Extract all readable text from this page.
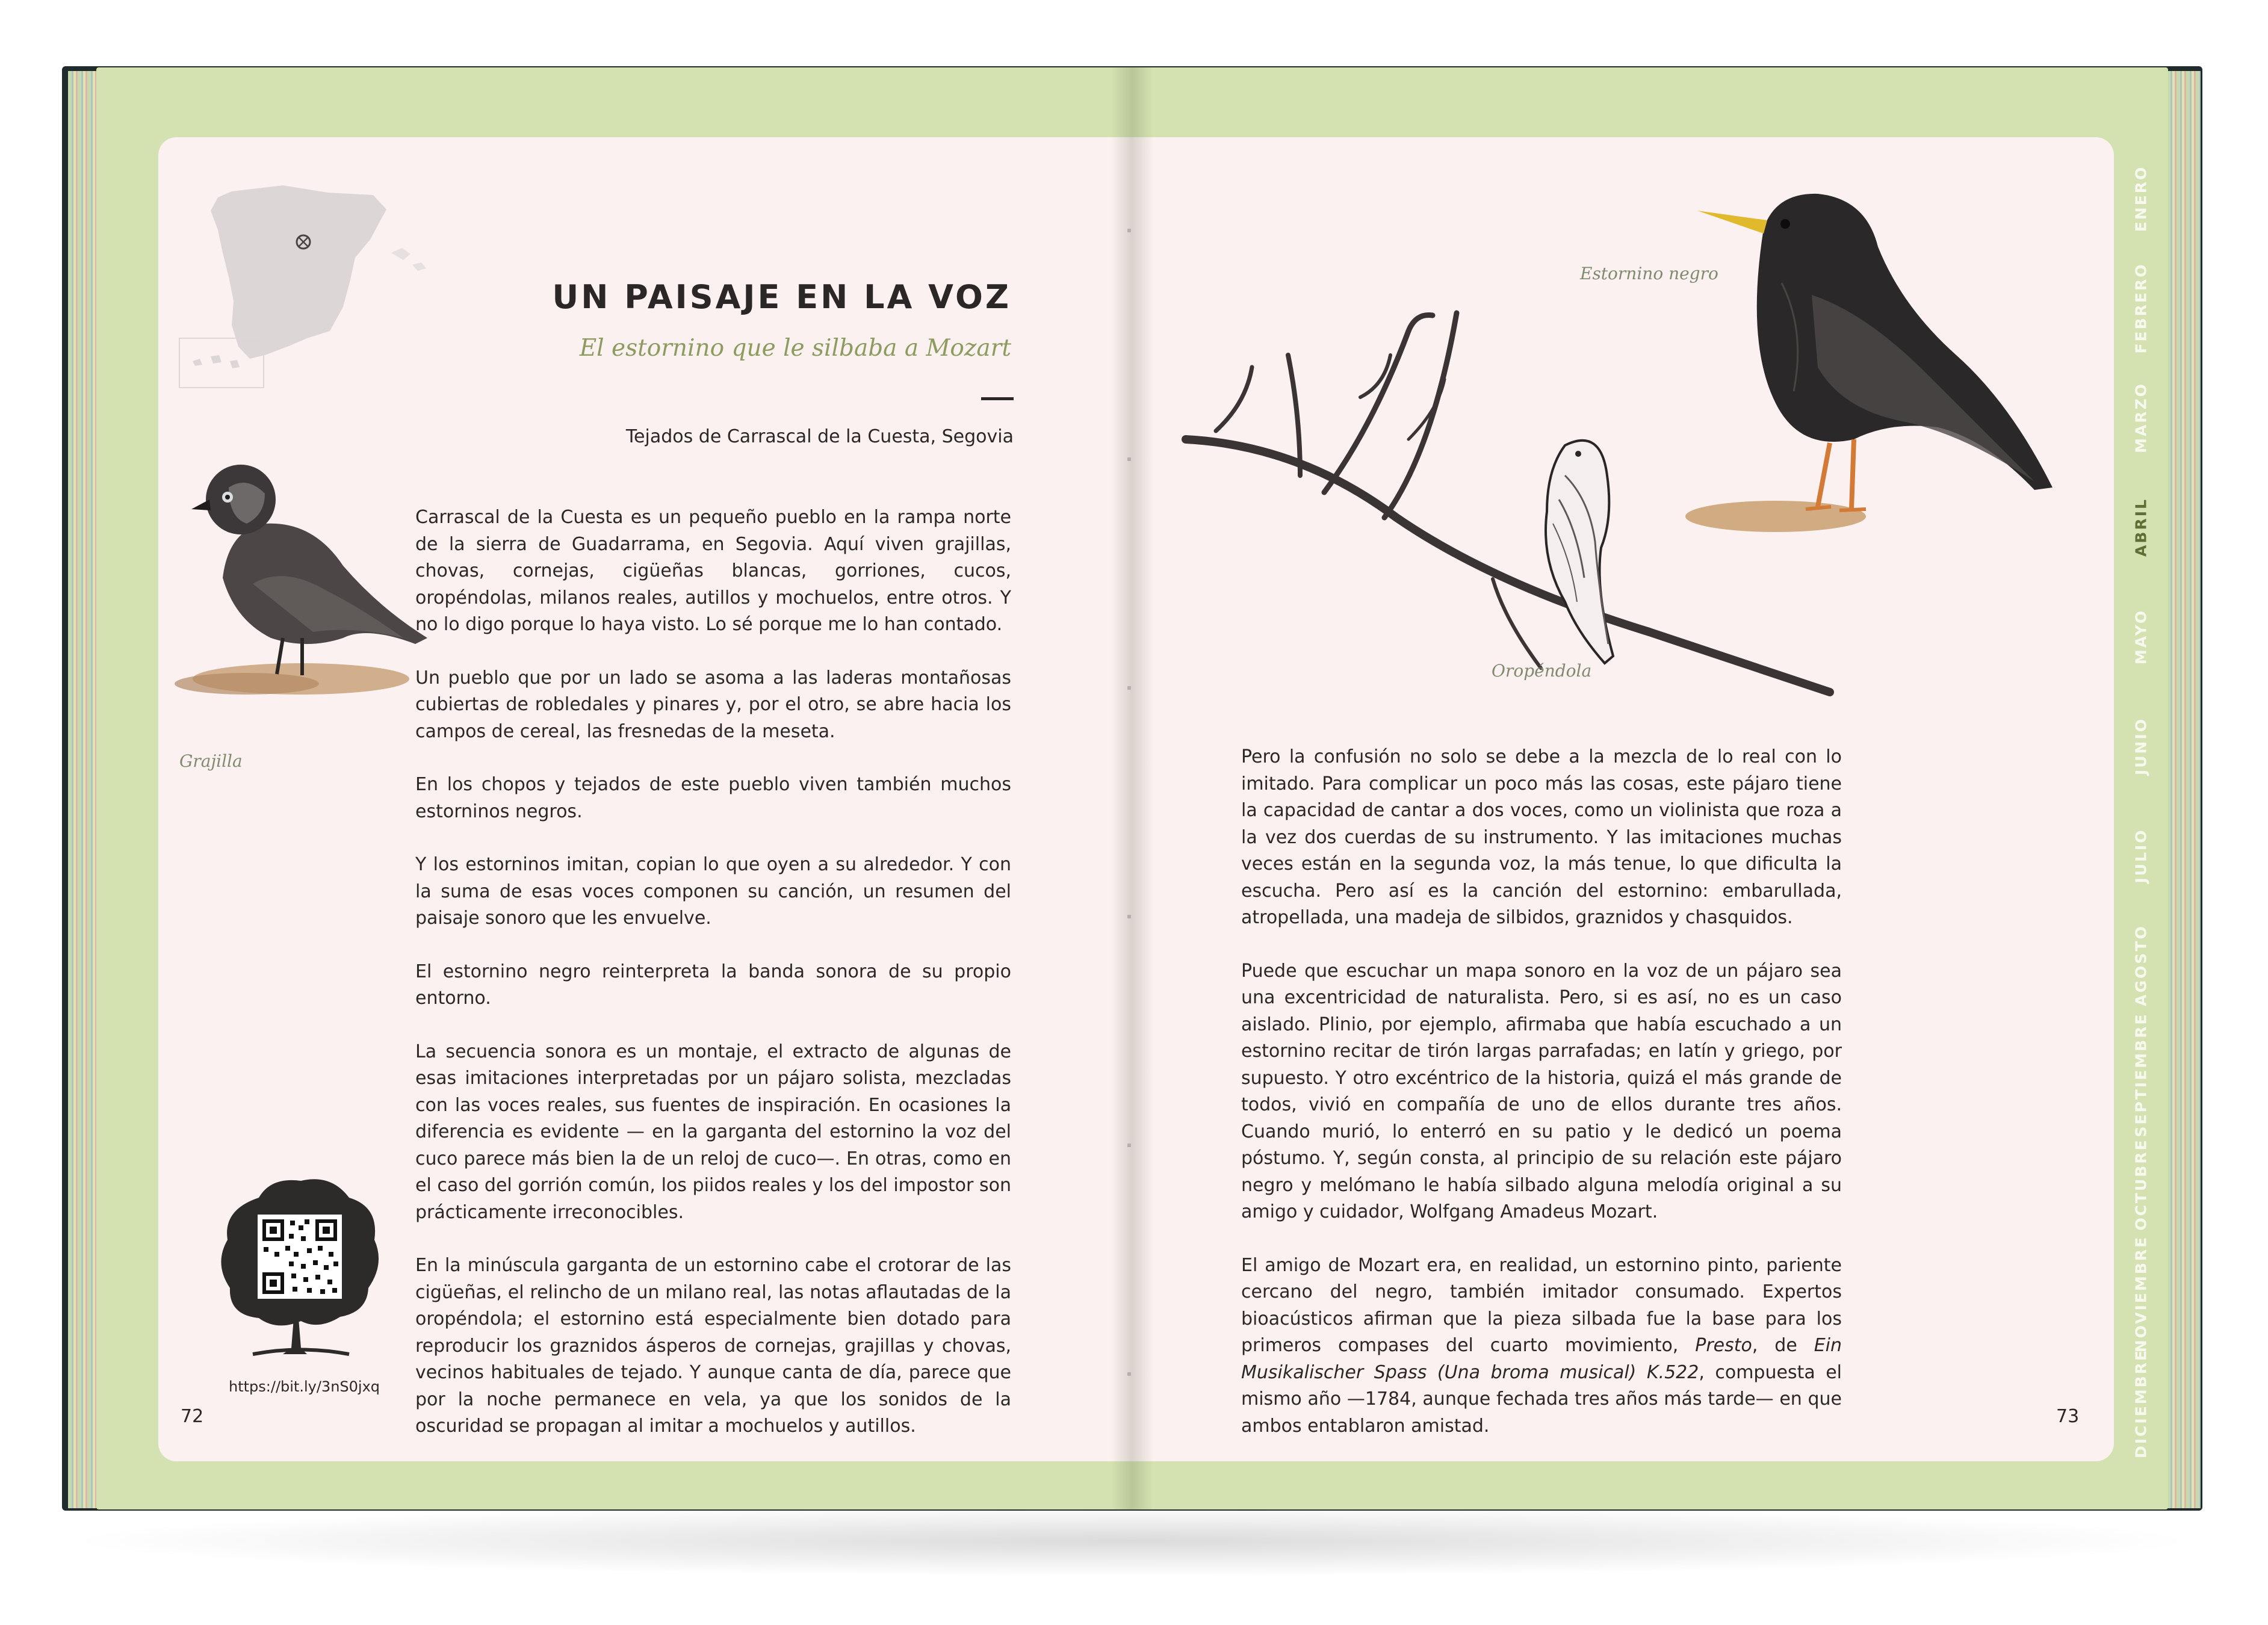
UN PAISAJE EN LA VOZ

El estornino que le silbaba a Mozart

Tejados de Carrascal de la Cuesta, Segovia

Grajilla

Carrascal de la Cuesta es un pequeño pueblo en la rampa norte de la sierra de Guadarrama, en Segovia. Aquí viven grajillas, chovas, cornejas, cigüeñas blancas, gorriones, cucos, oropéndolas, milanos reales, autillos y mochuelos, entre otros. Y no lo digo porque lo haya visto. Lo sé porque me lo han contado.

Un pueblo que por un lado se asoma a las laderas montañosas cubiertas de robledales y pinares y, por el otro, se abre hacia los campos de cereal, las fresnedas de la meseta.

En los chopos y tejados de este pueblo viven también muchos estorninos negros.

Y los estorninos imitan, copian lo que oyen a su alrededor. Y con la suma de esas voces componen su canción, un resumen del paisaje sonoro que les envuelve.

El estornino negro reinterpreta la banda sonora de su propio entorno.

La secuencia sonora es un montaje, el extracto de algunas de esas imitaciones interpretadas por un pájaro solista, mezcladas con las voces reales, sus fuentes de inspiración. En ocasiones la diferencia es evidente — en la garganta del estornino la voz del cuco parece más bien la de un reloj de cuco—. En otras, como en el caso del gorrión común, los piidos reales y los del impostor son prácticamente irreconocibles.

En la minúscula garganta de un estornino cabe el crotorar de las cigüeñas, el relincho de un milano real, las notas aflautadas de la oropéndola; el estornino está especialmente bien dotado para reproducir los graznidos ásperos de cornejas, grajillas y chovas, vecinos habituales de tejado. Y aunque canta de día, parece que por la noche permanece en vela, ya que los sonidos de la oscuridad se propagan al imitar a mochuelos y autillos.

https://bit.ly/3nS0jxq

72

Estornino negro

Oropéndola

Pero la confusión no solo se debe a la mezcla de lo real con lo imitado. Para complicar un poco más las cosas, este pájaro tiene la capacidad de cantar a dos voces, como un violinista que roza a la vez dos cuerdas de su instrumento. Y las imitaciones muchas veces están en la segunda voz, la más tenue, lo que dificulta la escucha. Pero así es la canción del estornino: embarullada, atropellada, una madeja de silbidos, graznidos y chasquidos.

Puede que escuchar un mapa sonoro en la voz de un pájaro sea una excentricidad de naturalista. Pero, si es así, no es un caso aislado. Plinio, por ejemplo, afirmaba que había escuchado a un estornino recitar de tirón largas parrafadas; en latín y griego, por supuesto. Y otro excéntrico de la historia, quizá el más grande de todos, vivió en compañía de uno de ellos durante tres años. Cuando murió, lo enterró en su patio y le dedicó un poema póstumo. Y, según consta, al principio de su relación este pájaro negro y melómano le había silbado alguna melodía original a su amigo y cuidador, Wolfgang Amadeus Mozart.

El amigo de Mozart era, en realidad, un estornino pinto, pariente cercano del negro, también imitador consumado. Expertos bioacústicos afirman que la pieza silbada fue la base para los primeros compases del cuarto movimiento, Presto, de Ein Musikalischer Spass (Una broma musical) K.522, compuesta el mismo año —1784, aunque fechada tres años más tarde— en que ambos entablaron amistad.	73

ENERO
FEBRERO
MARZO
ABRIL
MAYO
JUNIO
JULIO
AGOSTO
SEPTIEMBRE
OCTUBRE
NOVIEMBRE
DICIEMBRE
